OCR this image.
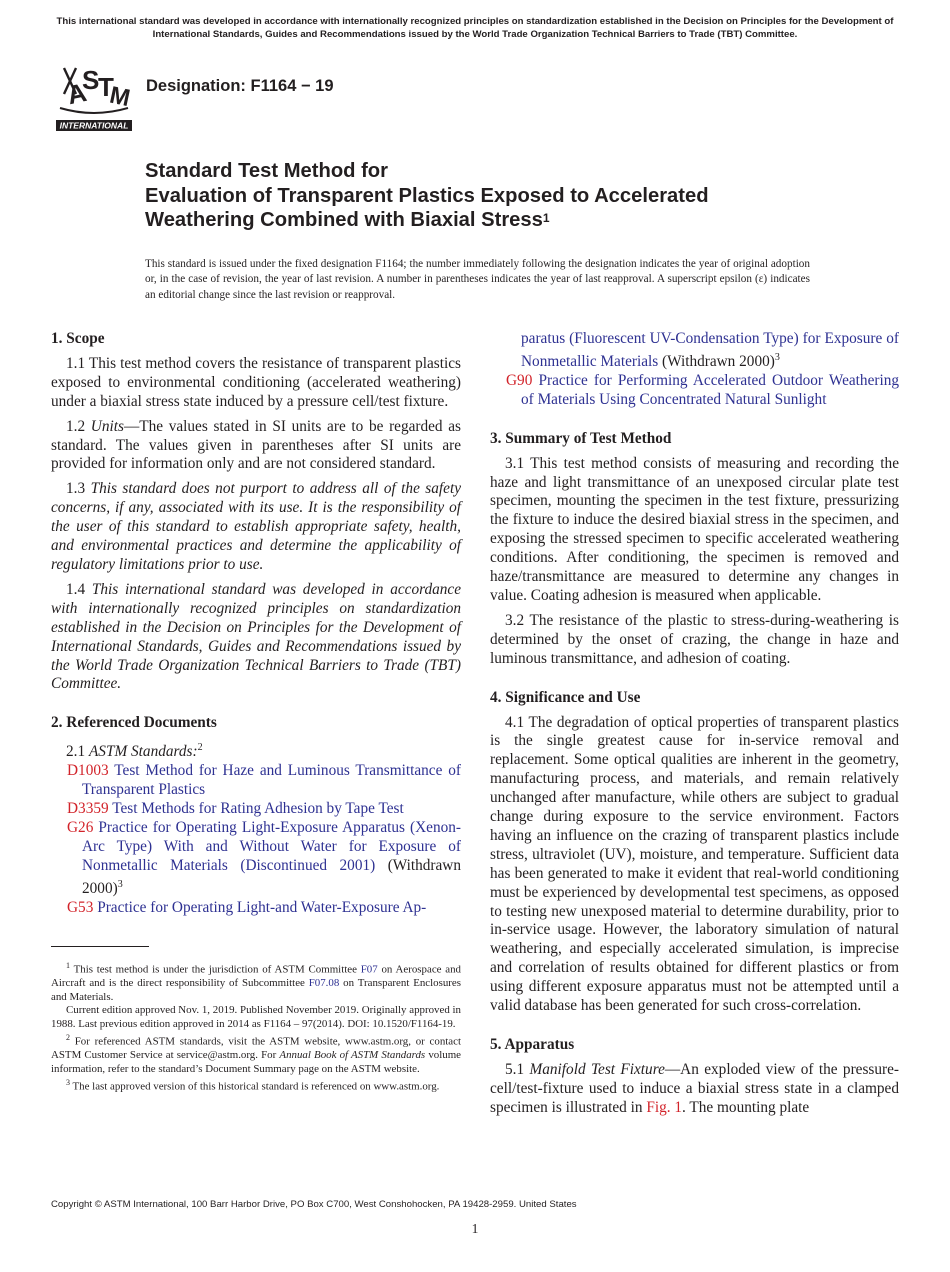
This international standard was developed in accordance with internationally recognized principles on standardization established in the Decision on Principles for the Development of International Standards, Guides and Recommendations issued by the World Trade Organization Technical Barriers to Trade (TBT) Committee.
A
S
T
M
INTERNATIONAL
Designation: F1164 − 19
Standard Test Method for
Evaluation of Transparent Plastics Exposed to Accelerated
Weathering Combined with Biaxial Stress$^1$
This standard is issued under the fixed designation F1164; the number immediately following the designation indicates the year of original adoption or, in the case of revision, the year of last revision. A number in parentheses indicates the year of last reapproval. A superscript epsilon (ε) indicates an editorial change since the last revision or reapproval.
1. Scope

1.1 This test method covers the resistance of transparent plastics exposed to environmental conditioning (accelerated weathering) under a biaxial stress state induced by a pressure cell/test fixture.

1.2 Units—The values stated in SI units are to be regarded as standard. The values given in parentheses after SI units are provided for information only and are not considered standard.

1.3 This standard does not purport to address all of the safety concerns, if any, associated with its use. It is the responsibility of the user of this standard to establish appropriate safety, health, and environmental practices and determine the applicability of regulatory limitations prior to use.

1.4 This international standard was developed in accordance with internationally recognized principles on standardization established in the Decision on Principles for the Development of International Standards, Guides and Recommendations issued by the World Trade Organization Technical Barriers to Trade (TBT) Committee.

2. Referenced Documents

2.1 ASTM Standards:$^2$

D1003 Test Method for Haze and Luminous Transmittance of Transparent Plastics

D3359 Test Methods for Rating Adhesion by Tape Test

G26 Practice for Operating Light-Exposure Apparatus (Xenon-Arc Type) With and Without Water for Exposure of Nonmetallic Materials (Discontinued 2001) (Withdrawn 2000)$^3$

G53 Practice for Operating Light-and Water-Exposure Ap-

$^1$ This test method is under the jurisdiction of ASTM Committee F07 on Aerospace and Aircraft and is the direct responsibility of Subcommittee F07.08 on Transparent Enclosures and Materials.

Current edition approved Nov. 1, 2019. Published November 2019. Originally approved in 1988. Last previous edition approved in 2014 as F1164 – 97(2014). DOI: 10.1520/F1164-19.

$^2$ For referenced ASTM standards, visit the ASTM website, www.astm.org, or contact ASTM Customer Service at service@astm.org. For Annual Book of ASTM Standards volume information, refer to the standard’s Document Summary page on the ASTM website.

$^3$ The last approved version of this historical standard is referenced on www.astm.org.

paratus (Fluorescent UV-Condensation Type) for Exposure of Nonmetallic Materials (Withdrawn 2000)$^3$

G90 Practice for Performing Accelerated Outdoor Weathering of Materials Using Concentrated Natural Sunlight

3. Summary of Test Method

3.1 This test method consists of measuring and recording the haze and light transmittance of an unexposed circular plate test specimen, mounting the specimen in the test fixture, pressurizing the fixture to induce the desired biaxial stress in the specimen, and exposing the stressed specimen to specific accelerated weathering conditions. After conditioning, the specimen is removed and haze/transmittance are measured to determine any changes in value. Coating adhesion is measured when applicable.

3.2 The resistance of the plastic to stress-during-weathering is determined by the onset of crazing, the change in haze and luminous transmittance, and adhesion of coating.

4. Significance and Use

4.1 The degradation of optical properties of transparent plastics is the single greatest cause for in-service removal and replacement. Some optical qualities are inherent in the geometry, manufacturing process, and materials, and remain relatively unchanged after manufacture, while others are subject to gradual change during exposure to the service environment. Factors having an influence on the crazing of transparent plastics include stress, ultraviolet (UV), moisture, and temperature. Sufficient data has been generated to make it evident that real-world conditioning must be experienced by developmental test specimens, as opposed to testing new unexposed material to determine durability, prior to in-service usage. However, the laboratory simulation of natural weathering, and especially accelerated simulation, is imprecise and correlation of results obtained for different plastics or from using different exposure apparatus must not be attempted until a valid database has been generated for such cross-correlation.

5. Apparatus

5.1 Manifold Test Fixture—An exploded view of the pressure-cell/test-fixture used to induce a biaxial stress state in a clamped specimen is illustrated in Fig. 1. The mounting plate

Copyright © ASTM International, 100 Barr Harbor Drive, PO Box C700, West Conshohocken, PA 19428-2959. United States
1
